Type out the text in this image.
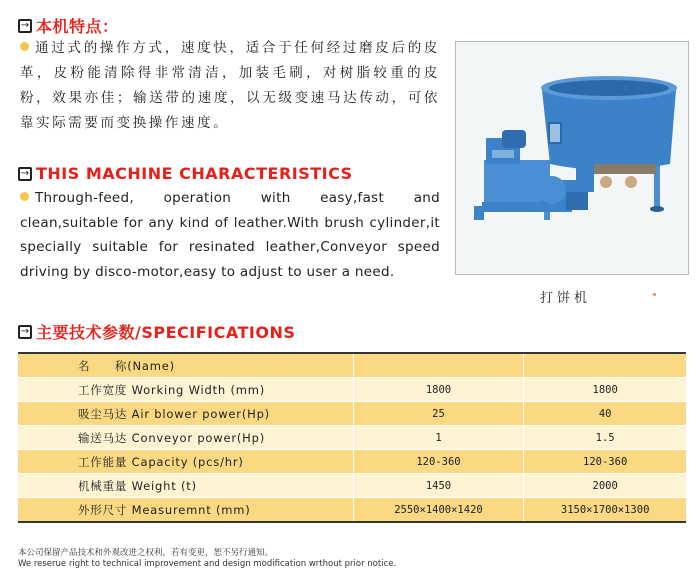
→ 本机特点：
通过式的操作方式，速度快，适合于任何经过磨皮后的皮革，皮粉能清除得非常清洁，加装毛刷，对树脂较重的皮粉，效果亦佳；输送带的速度，以无级变速马达传动，可依靠实际需要而变换操作速度。
→ THIS MACHINE CHARACTERISTICS
Through-feed, operation with easy,fast and clean,suitable for any kind of leather.With brush cylinder,it specially suitable for resinated leather,Conveyor speed driving by disco-motor,easy to adjust to user a need.
打饼机
→ 主要技术参数/SPECIFICATIONS
名　　称(Name)		
工作宽度 Working Width (mm)	1800	1800
吸尘马达 Air blower power(Hp)	25	40
输送马达 Conveyor power(Hp)	1	1.5
工作能量 Capacity (pcs/hr)	120-360	120-360
机械重量 Weight (t)	1450	2000
外形尺寸 Measuremnt (mm)	2550×1400×1420	3150×1700×1300
本公司保留产品技术和外观改进之权利，若有变更，恕不另行通知。
We reserue right to technical improvement and design modification wrthout prior notice.
